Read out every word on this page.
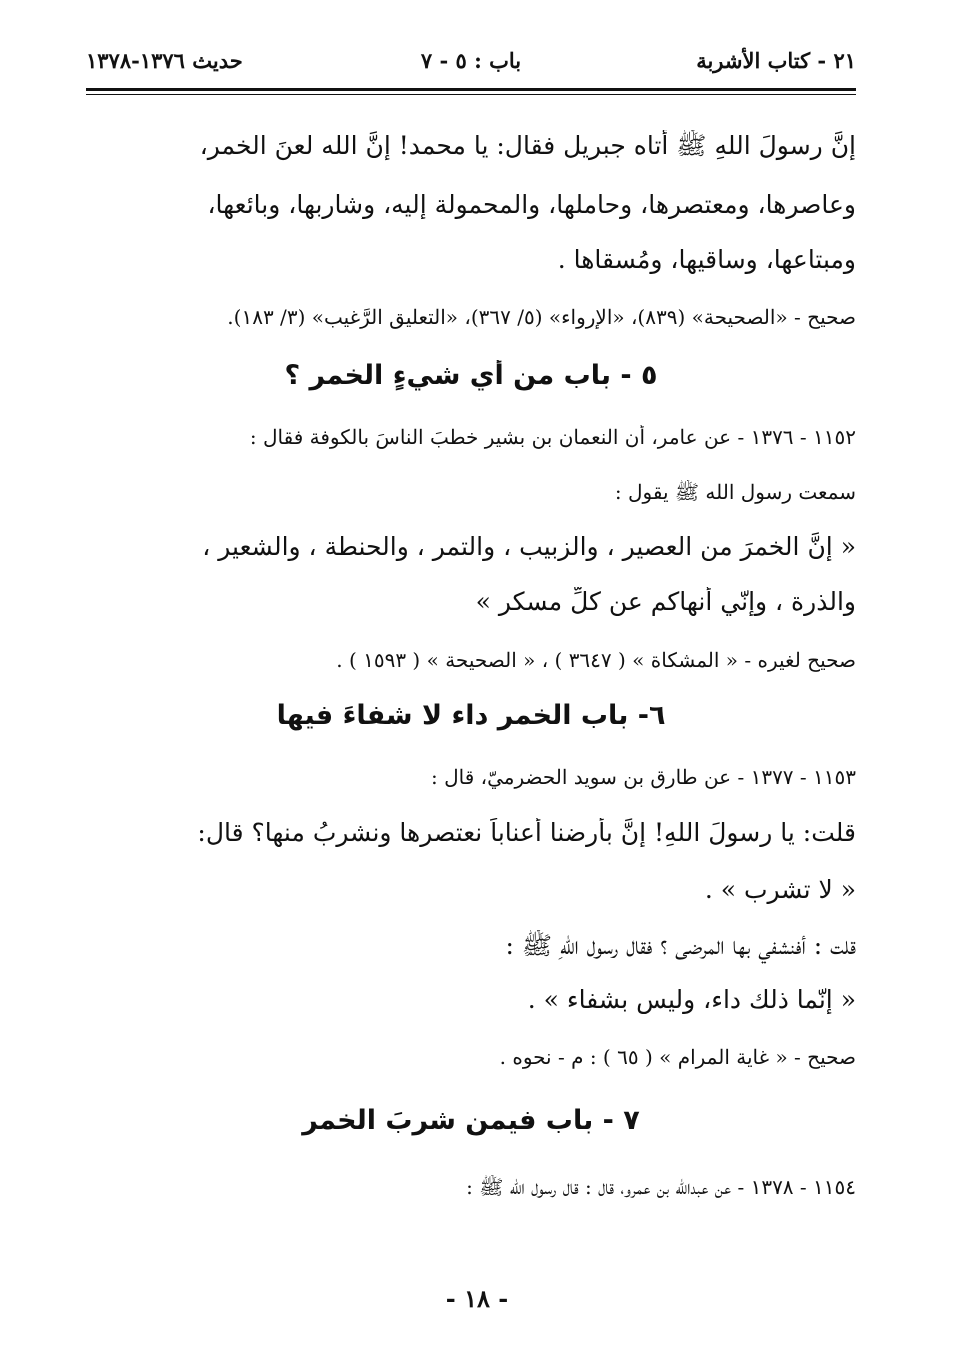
٢١ - كتاب الأشربة
باب : ٥ - ٧
حديث ١٣٧٦-١٣٧٨
إنَّ رسولَ اللهِ ﷺ أتاه جبريل فقال: يا محمد! إنَّ الله لعنَ الخمر،
وعاصرها، ومعتصرها، وحاملها، والمحمولة إليه، وشاربها، وبائعها،
ومبتاعها، وساقيها، ومُسقاها .
صحيح - «الصحيحة» (٨٣٩)، «الإرواء» (٥/ ٣٦٧)، «التعليق الرَّغيب» (٣/ ١٨٣).
٥ - باب من أي شيءٍ الخمر ؟
١١٥٢ - ١٣٧٦ - عن عامرٍ، أن النعمان بن بشير خطبَ الناسَ بالكوفة فقال :
سمعت رسول الله ﷺ يقول :
« إنَّ الخمرَ من العصير ، والزبيب ، والتمر ، والحنطة ، والشعير ،
والذرة ، وإنّي أنهاكم عن كلِّ مسكر »
صحيح لغيره - « المشكاة » ( ٣٦٤٧ ) ، « الصحيحة » ( ١٥٩٣ ) .
٦- باب الخمر داء لا شفاءَ فيها
١١٥٣ - ١٣٧٧ - عن طارق بن سويد الحضرميّ، قال :
قلت: يا رسولَ اللهِ! إنَّ بأرضنا أعناباً نعتصرها ونشربُ منها؟ قال:
« لا تشرب » .
قلت : أفنشفي بها المرضى ؟ فقال رسول اللهِ ﷺ :
« إنّما ذلك داء، وليس بشفاء » .
صحيح - « غاية المرام » ( ٦٥ ) : م - نحوه .
٧ - باب فيمن شربَ الخمر
١١٥٤ - ١٣٧٨ - عن عبدالله بن عمرو، قال : قال رسول الله ﷺ :
- ١٨ -
